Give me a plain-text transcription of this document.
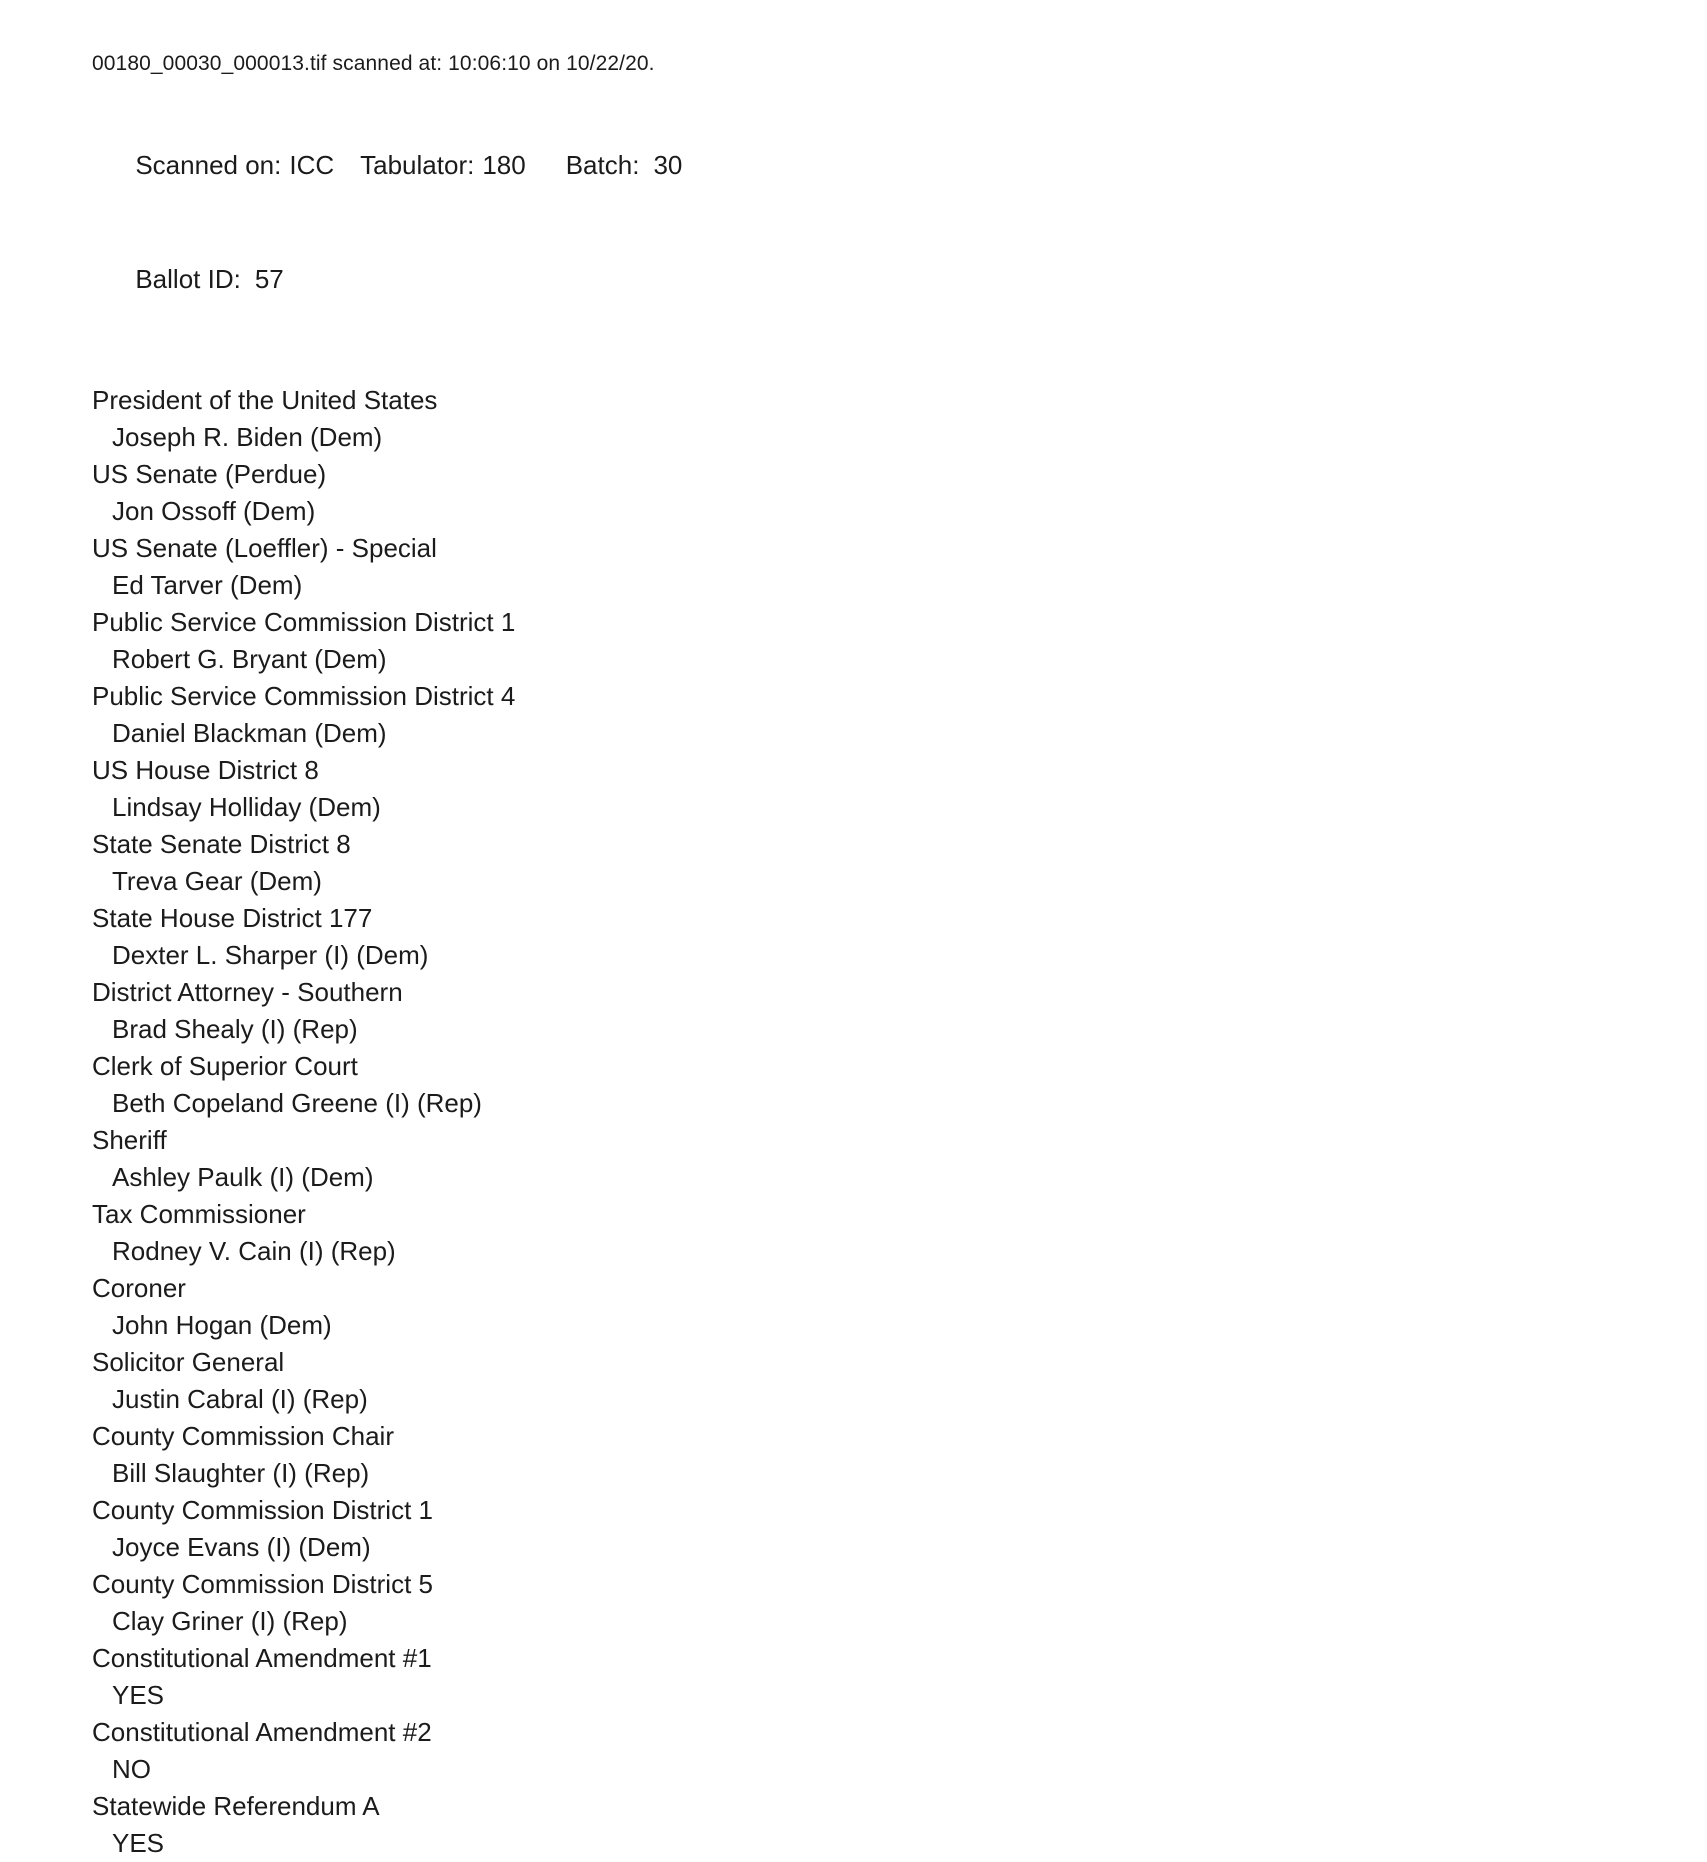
00180_00030_000013.tif scanned at: 10:06:10 on 10/22/20.

Scanned on: ICC Tabulator: 180 Batch: 30

Ballot ID: 57

President of the United States
Joseph R. Biden (Dem)
US Senate (Perdue)
Jon Ossoff (Dem)
US Senate (Loeffler) - Special
Ed Tarver (Dem)
Public Service Commission District 1
Robert G. Bryant (Dem)
Public Service Commission District 4
Daniel Blackman (Dem)
US House District 8
Lindsay Holliday (Dem)
State Senate District 8
Treva Gear (Dem)
State House District 177
Dexter L. Sharper (I) (Dem)
District Attorney - Southern
Brad Shealy (I) (Rep)
Clerk of Superior Court
Beth Copeland Greene (I) (Rep)
Sheriff
Ashley Paulk (I) (Dem)
Tax Commissioner
Rodney V. Cain (I) (Rep)
Coroner
John Hogan (Dem)
Solicitor General
Justin Cabral (I) (Rep)
County Commission Chair
Bill Slaughter (I) (Rep)
County Commission District 1
Joyce Evans (I) (Dem)
County Commission District 5
Clay Griner (I) (Rep)
Constitutional Amendment #1
YES
Constitutional Amendment #2
NO
Statewide Referendum A
YES
